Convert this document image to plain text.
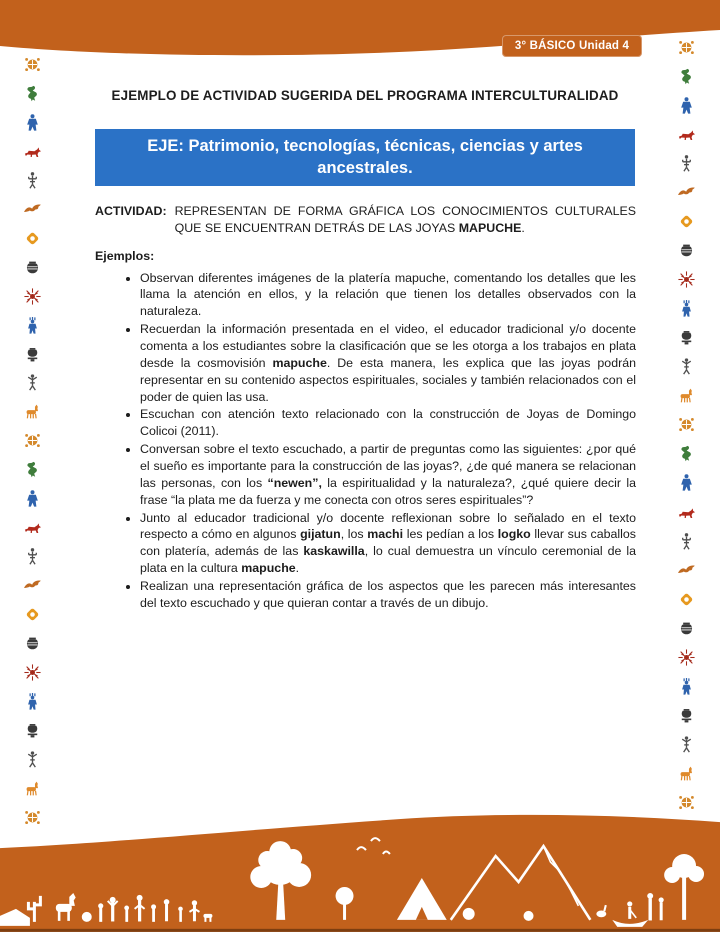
3° BÁSICO Unidad 4
EJEMPLO DE ACTIVIDAD SUGERIDA DEL PROGRAMA INTERCULTURALIDAD
EJE: Patrimonio, tecnologías, técnicas, ciencias y artes ancestrales.
ACTIVIDAD: REPRESENTAN DE FORMA GRÁFICA LOS CONOCIMIENTOS CULTURALES QUE SE ENCUENTRAN DETRÁS DE LAS JOYAS MAPUCHE.
Ejemplos:
• Observan diferentes imágenes de la platería mapuche, comentando los detalles que les llama la atención en ellos, y la relación que tienen los detalles observados con la naturaleza.
• Recuerdan la información presentada en el video, el educador tradicional y/o docente comenta a los estudiantes sobre la clasificación que se les otorga a los trabajos en plata desde la cosmovisión mapuche. De esta manera, les explica que las joyas podrán representar en su contenido aspectos espirituales, sociales y también relacionados con el poder de quien las usa.
• Escuchan con atención texto relacionado con la construcción de Joyas de Domingo Colicoi (2011).
• Conversan sobre el texto escuchado, a partir de preguntas como las siguientes: ¿por qué el sueño es importante para la construcción de las joyas?, ¿de qué manera se relacionan las personas, con los “newen”, la espiritualidad y la naturaleza?, ¿qué quiere decir la frase “la plata me da fuerza y me conecta con otros seres espirituales”?
• Junto al educador tradicional y/o docente reflexionan sobre lo señalado en el texto respecto a cómo en algunos gijatun, los machi les pedían a los logko llevar sus caballos con platería, además de las kaskawilla, lo cual demuestra un vínculo ceremonial de la plata en la cultura mapuche.
• Realizan una representación gráfica de los aspectos que les parecen más interesantes del texto escuchado y que quieran contar a través de un dibujo.
